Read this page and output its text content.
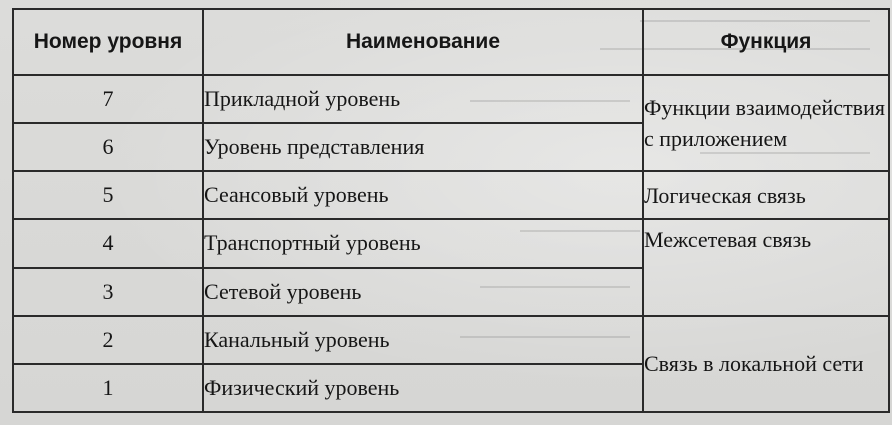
Номер уровня	Наименование	Функция
7	Прикладной уровень	Функции взаимодействия с приложением

6	Уровень представления	
5	Сеансовый уровень	Логическая связь
4	Транспортный уровень	Межсетевая связь
3	Сетевой уровень	
2	Канальный уровень	Связь в локальной сети

1	Физический уровень	
